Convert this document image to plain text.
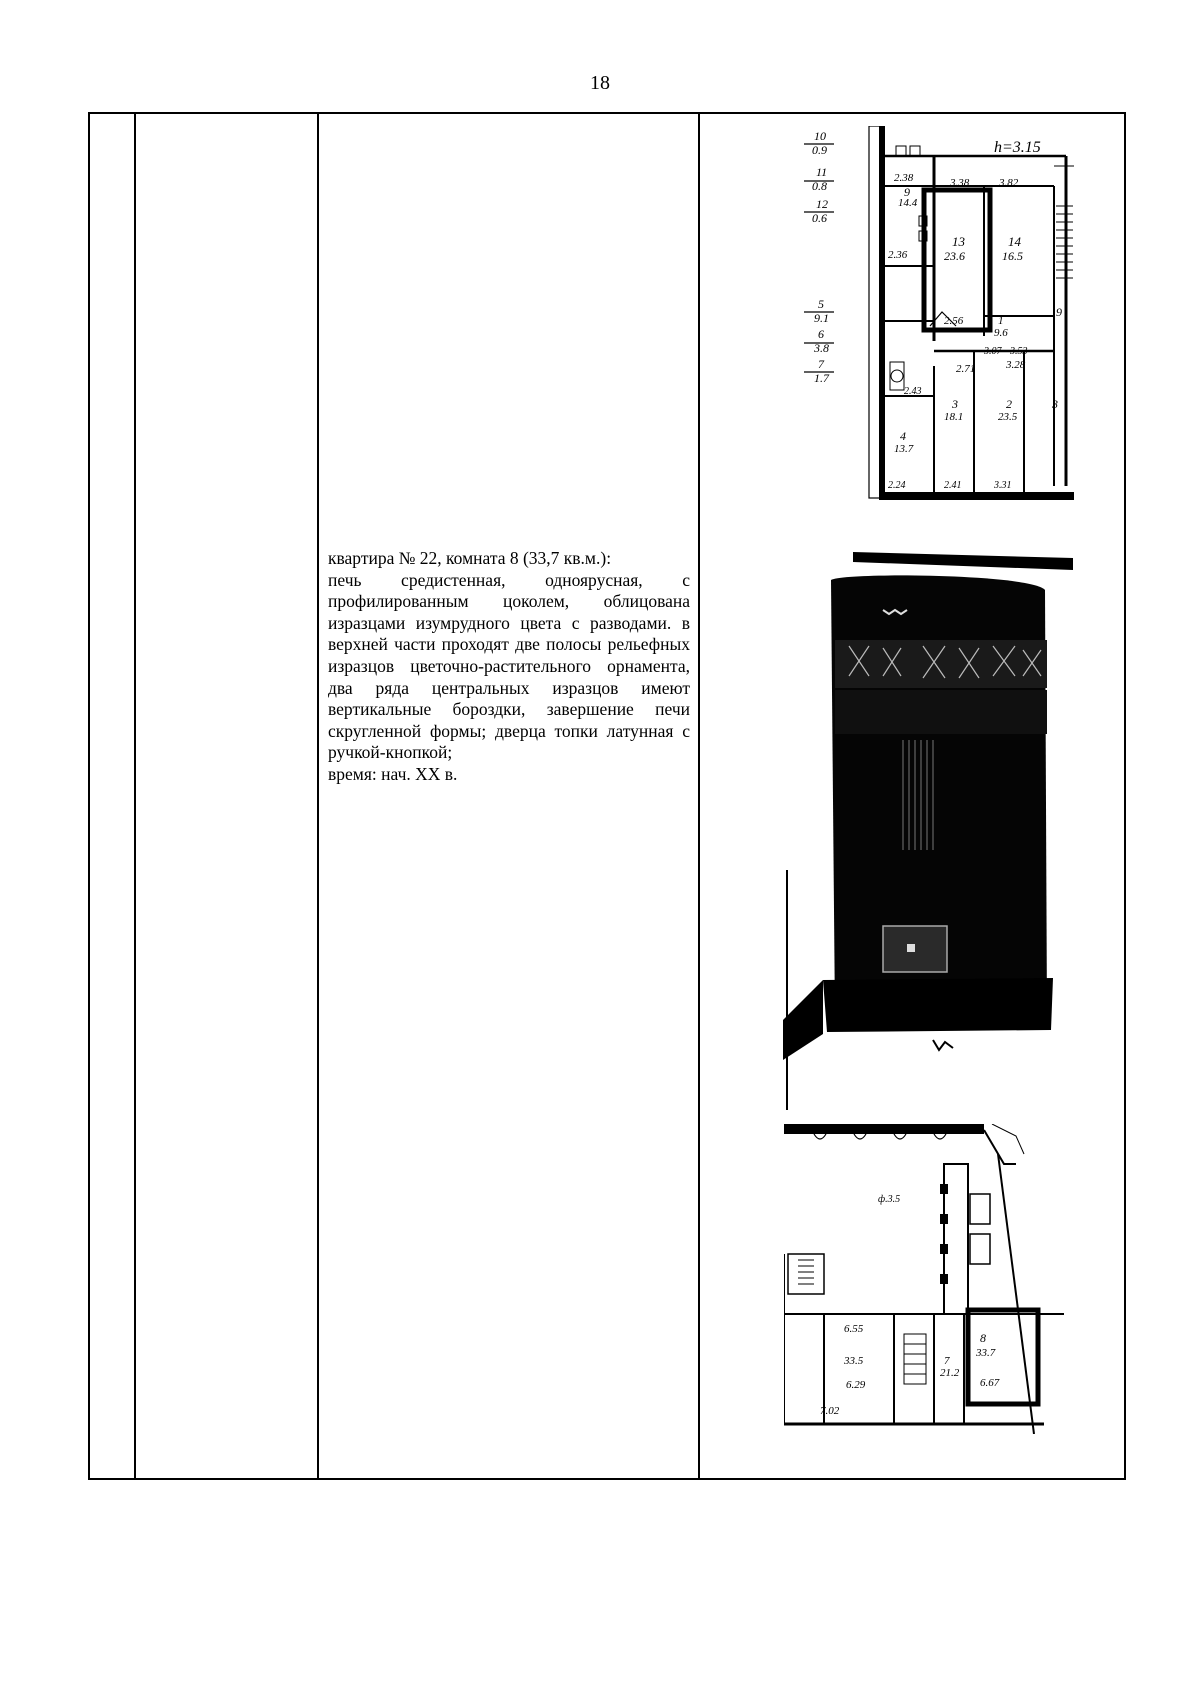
18

квартира № 22, комната 8 (33,7 кв.м.):

печь средистенная, одноярусная, с профилированным цоколем, облицована изразцами изумрудного цвета с разводами. в верхней части проходят две полосы рельефных изразцов цветочно-растительного орнамента, два ряда центральных изразцов имеют вертикальные бороздки, завершение печи скругленной формы; дверца топки латунная с ручкой-кнопкой;

время: нач. XX в.

10
0.9
11
0.8
12
0.6
5
9.1
6
3.8
7
1.7
h=3.15
3.38	3.82
2.38
9
14.4
13
23.6
14
16.5
2.36
1
9.6
2.56
2.71	3.28
3.07 3.53
3
18.1
2
23.5
4
13.7
2.43
2.24	2.41	3.31
9
3
ф.3.5
8
33.7
6.67
7
21.2
33.5
6.55
6.29
7.02
